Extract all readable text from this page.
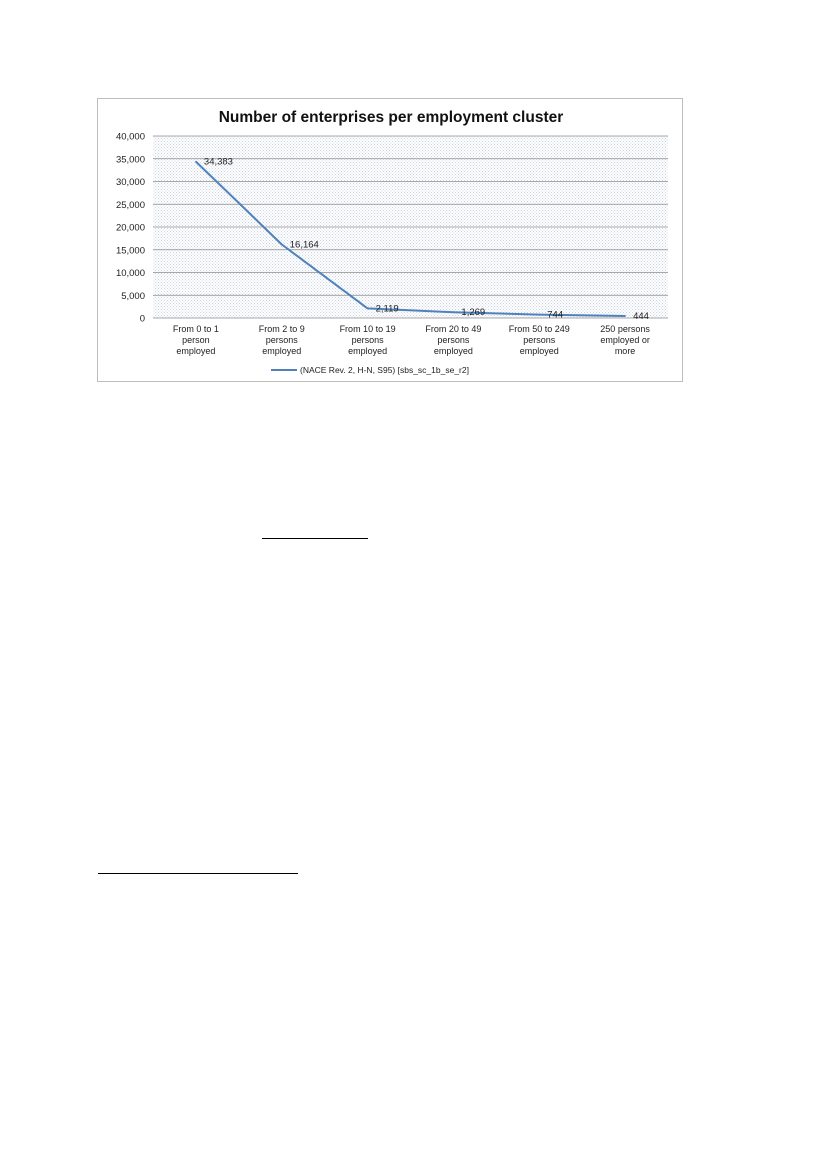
Number of enterprises per employment cluster
0
5,000
10,000
15,000
20,000
25,000
30,000
35,000
40,000
From 0 to 1 person employed
From 2 to 9 persons employed
From 10 to 19 persons employed
From 20 to 49 persons employed
From 50 to 249 persons employed
250 persons employed or more
34,383
16,164
2,119	1,269	744	444
(NACE Rev. 2, H-N, S95) [sbs_sc_1b_se_r2]
